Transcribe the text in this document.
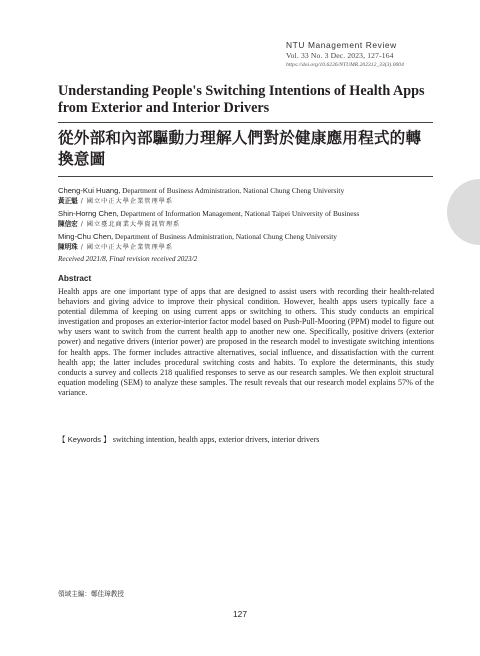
NTU Management Review
Vol. 33 No. 3 Dec. 2023, 127-164
https://doi.org/10.6226/NTUMR.202312_33(3).0004
Understanding People's Switching Intentions of Health Apps from Exterior and Interior Drivers
從外部和內部驅動力理解人們對於健康應用程式的轉換意圖
Cheng-Kui Huang, Department of Business Administration, National Chung Cheng University
黃正魁 / 國立中正大學企業管理學系
Shin-Horng Chen, Department of Information Management, National Taipei University of Business
陳信宏 / 國立臺北商業大學資訊管理系
Ming-Chu Chen, Department of Business Administration, National Chung Cheng University
陳明珠 / 國立中正大學企業管理學系
Received 2021/8, Final revision received 2023/2
Abstract

Health apps are one important type of apps that are designed to assist users with recording their health-related behaviors and giving advice to improve their physical condition. However, health apps users typically face a potential dilemma of keeping on using current apps or switching to others. This study conducts an empirical investigation and proposes an exterior-interior factor model based on Push-Pull-Mooring (PPM) model to figure out why users want to switch from the current health app to another new one. Specifically, positive drivers (exterior power) and negative drivers (interior power) are proposed in the research model to investigate switching intentions for health apps. The former includes attractive alternatives, social influence, and dissatisfaction with the current health app; the latter includes procedural switching costs and habits. To explore the determinants, this study conducts a survey and collects 218 qualified responses to serve as our research samples. We then exploit structural equation modeling (SEM) to analyze these samples. The result reveals that our research model explains 57% of the variance.

【 Keywords 】 switching intention, health apps, exterior drivers, interior drivers
領域主編：鄭佳璋教授
127
